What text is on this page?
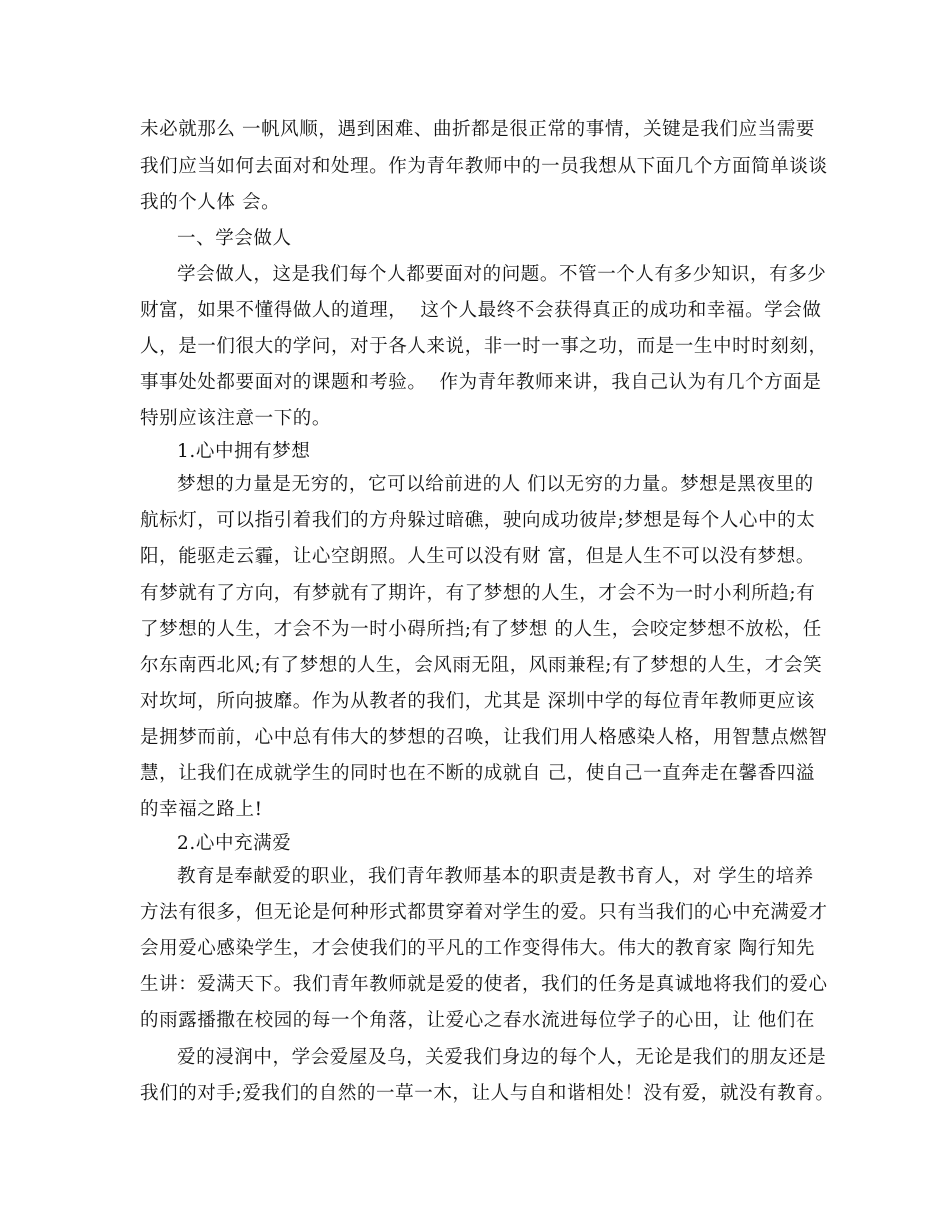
未必就那么 一帆风顺，遇到困难、曲折都是很正常的事情，关键是我们应当需要
我们应当如何去面对和处理。作为青年教师中的一员我想从下面几个方面简单谈谈
我的个人体 会。
一、学会做人
学会做人，这是我们每个人都要面对的问题。不管一个人有多少知识，有多少
财富，如果不懂得做人的道理，  这个人最终不会获得真正的成功和幸福。学会做
人，是一们很大的学问，对于各人来说，非一时一事之功，而是一生中时时刻刻，
事事处处都要面对的课题和考验。  作为青年教师来讲，我自己认为有几个方面是
特别应该注意一下的。
1.心中拥有梦想
梦想的力量是无穷的，它可以给前进的人 们以无穷的力量。梦想是黑夜里的
航标灯，可以指引着我们的方舟躲过暗礁，驶向成功彼岸;梦想是每个人心中的太
阳，能驱走云霾，让心空朗照。人生可以没有财 富，但是人生不可以没有梦想。
有梦就有了方向，有梦就有了期许，有了梦想的人生，才会不为一时小利所趋;有
了梦想的人生，才会不为一时小碍所挡;有了梦想 的人生，会咬定梦想不放松，任
尔东南西北风;有了梦想的人生，会风雨无阻，风雨兼程;有了梦想的人生，才会笑
对坎坷，所向披靡。作为从教者的我们，尤其是 深圳中学的每位青年教师更应该
是拥梦而前，心中总有伟大的梦想的召唤，让我们用人格感染人格，用智慧点燃智
慧，让我们在成就学生的同时也在不断的成就自 己，使自己一直奔走在馨香四溢
的幸福之路上!
2.心中充满爱
教育是奉献爱的职业，我们青年教师基本的职责是教书育人，对 学生的培养
方法有很多，但无论是何种形式都贯穿着对学生的爱。只有当我们的心中充满爱才
会用爱心感染学生，才会使我们的平凡的工作变得伟大。伟大的教育家 陶行知先
生讲：爱满天下。我们青年教师就是爱的使者，我们的任务是真诚地将我们的爱心
的雨露播撒在校园的每一个角落，让爱心之春水流进每位学子的心田，让 他们在
爱的浸润中，学会爱屋及乌，关爱我们身边的每个人，无论是我们的朋友还是
我们的对手;爱我们的自然的一草一木，让人与自和谐相处！没有爱，就没有教育。
